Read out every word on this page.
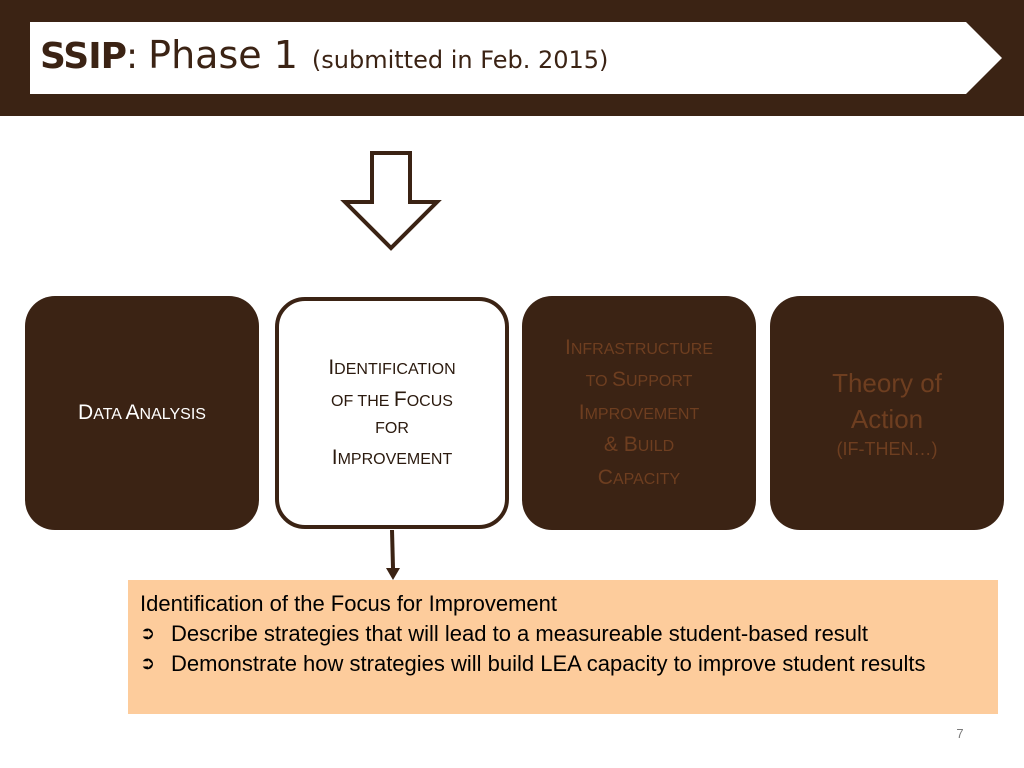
SSIP: Phase 1 (submitted in Feb. 2015)
DATA ANALYSIS
IDENTIFICATION
OF THE FOCUS
FOR
IMPROVEMENT
INFRASTRUCTURE
TO SUPPORT
IMPROVEMENT
& BUILD
CAPACITY
Theory of
Action
(IF-THEN…)
Identification of the Focus for Improvement
➲ Describe strategies that will lead to a measureable student-based result
➲ Demonstrate how strategies will build LEA capacity to improve student results
7
